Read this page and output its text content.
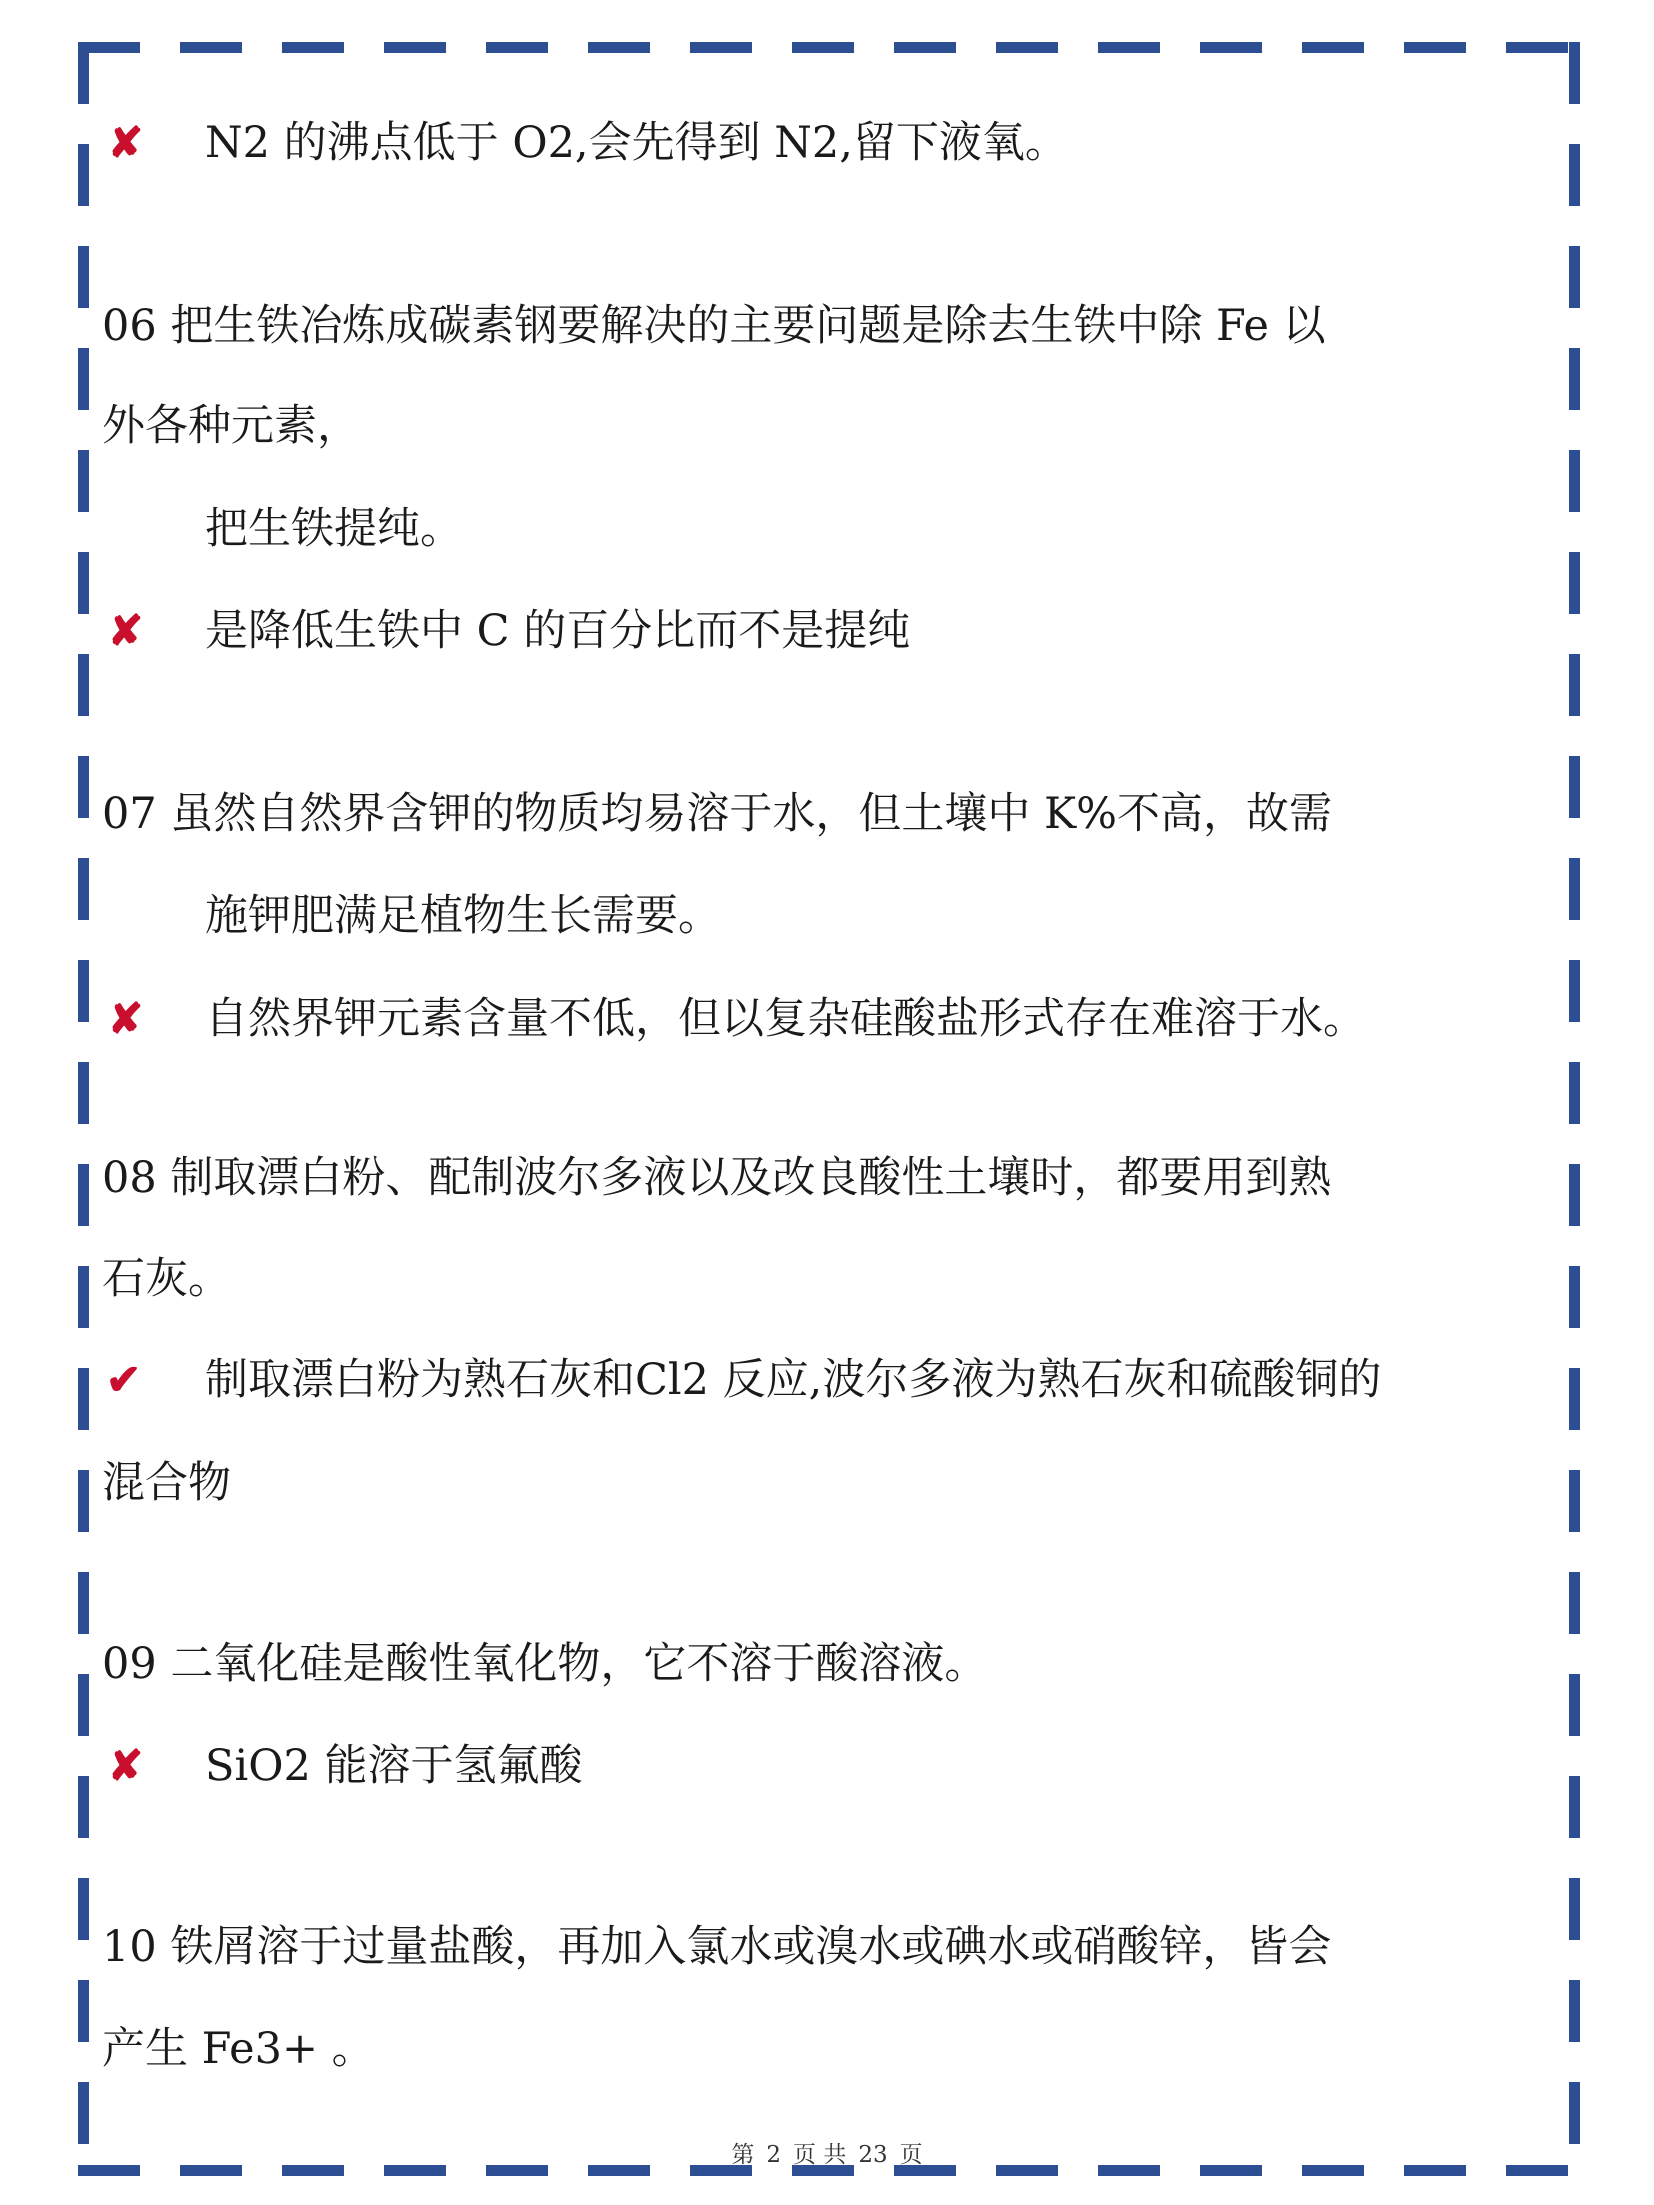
✘ N2 的沸点低于 O2,会先得到 N2,留下液氧。
06 把生铁冶炼成碳素钢要解决的主要问题是除去生铁中除 Fe 以
外各种元素，
把生铁提纯。
✘ 是降低生铁中 C 的百分比而不是提纯
07 虽然自然界含钾的物质均易溶于水，但土壤中 K%不高，故需
施钾肥满足植物生长需要。
✘ 自然界钾元素含量不低，但以复杂硅酸盐形式存在难溶于水。
08 制取漂白粉、配制波尔多液以及改良酸性土壤时，都要用到熟
石灰。
✔ 制取漂白粉为熟石灰和Cl2 反应,波尔多液为熟石灰和硫酸铜的
混合物
09 二氧化硅是酸性氧化物，它不溶于酸溶液。
✘ SiO2 能溶于氢氟酸
10 铁屑溶于过量盐酸，再加入氯水或溴水或碘水或硝酸锌，皆会
产生 Fe3+ 。
第 2 页 共 23 页
